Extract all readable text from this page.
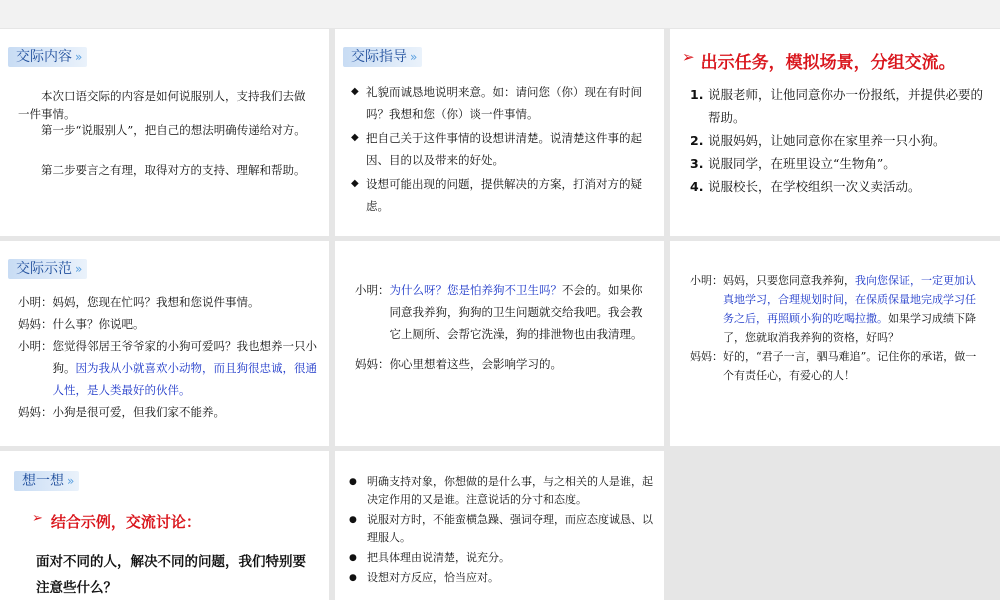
交际内容 »
本次口语交际的内容是如何说服别人，支持我们去做一件事情。
第一步“说服别人”，把自己的想法明确传递给对方。
第二步要言之有理，取得对方的支持、理解和帮助。
交际指导 »
◆ 礼貌而诚恳地说明来意。如：请问您（你）现在有时间吗？我想和您（你）谈一件事情。
◆ 把自己关于这件事情的设想讲清楚。说清楚这件事的起因、目的以及带来的好处。
◆ 设想可能出现的问题，提供解决的方案，打消对方的疑虑。
➢ 出示任务，模拟场景，分组交流。
1. 说服老师，让他同意你办一份报纸，并提供必要的帮助。
2. 说服妈妈，让她同意你在家里养一只小狗。
3. 说服同学，在班里设立“生物角”。
4. 说服校长，在学校组织一次义卖活动。
交际示范 »
小明： 妈妈，您现在忙吗？我想和您说件事情。
妈妈： 什么事？你说吧。
小明： 您觉得邻居王爷爷家的小狗可爱吗？我也想养一只小狗。因为我从小就喜欢小动物，而且狗很忠诚，很通人性，是人类最好的伙伴。
妈妈： 小狗是很可爱，但我们家不能养。
小明： 为什么呀？您是怕养狗不卫生吗？不会的。如果你同意我养狗，狗狗的卫生问题就交给我吧。我会教它上厕所、会帮它洗澡，狗的排泄物也由我清理。
妈妈： 你心里想着这些，会影响学习的。
小明： 妈妈，只要您同意我养狗，我向您保证，一定更加认真地学习，合理规划时间，在保质保量地完成学习任务之后，再照顾小狗的吃喝拉撒。如果学习成绩下降了，您就取消我养狗的资格，好吗？
妈妈： 好的，“君子一言，驷马难追”。记住你的承诺，做一个有责任心，有爱心的人！
想一想 »
➢ 结合示例，交流讨论：
面对不同的人，解决不同的问题，我们特别要注意些什么？
● 明确支持对象，你想做的是什么事，与之相关的人是谁，起决定作用的又是谁。注意说话的分寸和态度。
● 说服对方时，不能蛮横急躁、强词夺理，而应态度诚恳、以理服人。
● 把具体理由说清楚，说充分。
● 设想对方反应，恰当应对。
